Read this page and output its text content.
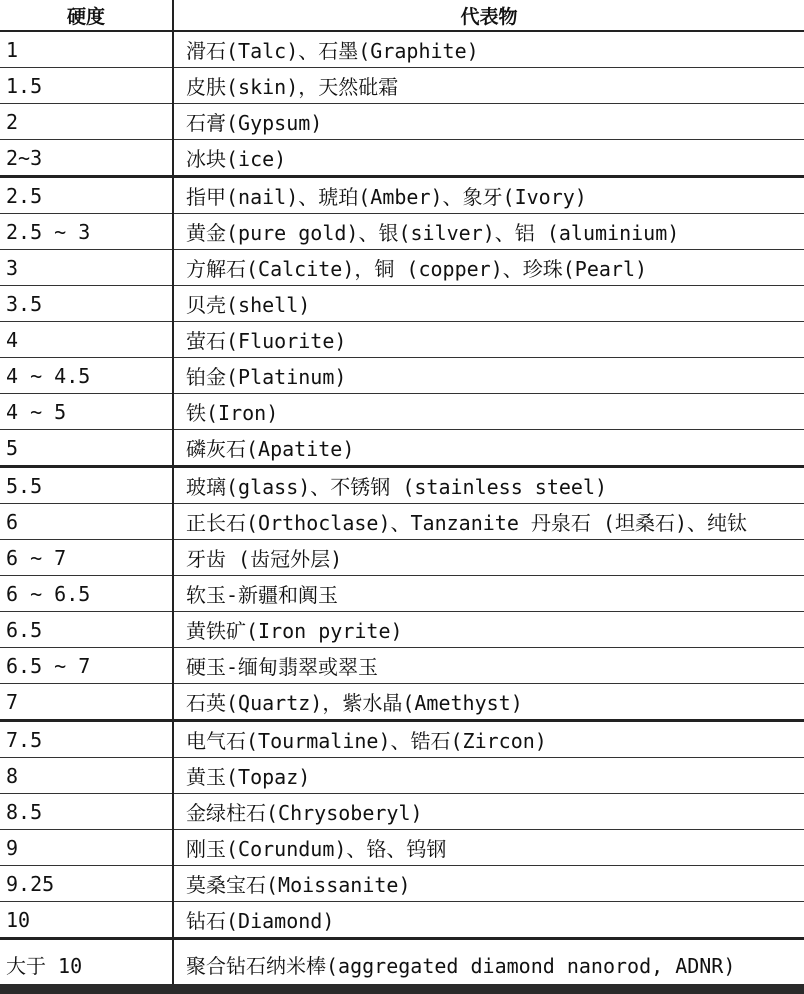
硬度	代表物
1	滑石(Talc)、石墨(Graphite)
1.5	皮肤(skin)，天然砒霜
2	石膏(Gypsum)
2~3	冰块(ice)
2.5	指甲(nail)、琥珀(Amber)、象牙(Ivory)
2.5 ~ 3	黄金(pure gold)、银(silver)、铝 (aluminium)
3	方解石(Calcite)，铜 (copper)、珍珠(Pearl)
3.5	贝壳(shell)
4	萤石(Fluorite)
4 ~ 4.5	铂金(Platinum)
4 ~ 5	铁(Iron)
5	磷灰石(Apatite)
5.5	玻璃(glass)、不锈钢 (stainless steel)
6	正长石(Orthoclase)、Tanzanite 丹泉石 (坦桑石)、纯钛
6 ~ 7	牙齿 (齿冠外层)
6 ~ 6.5	软玉-新疆和阗玉
6.5	黄铁矿(Iron pyrite)
6.5 ~ 7	硬玉-缅甸翡翠或翠玉
7	石英(Quartz)，紫水晶(Amethyst)
7.5	电气石(Tourmaline)、锆石(Zircon)
8	黄玉(Topaz)
8.5	金绿柱石(Chrysoberyl)
9	刚玉(Corundum)、铬、钨钢
9.25	莫桑宝石(Moissanite)
10	钻石(Diamond)
大于 10	聚合钻石纳米棒(aggregated diamond nanorod, ADNR)
